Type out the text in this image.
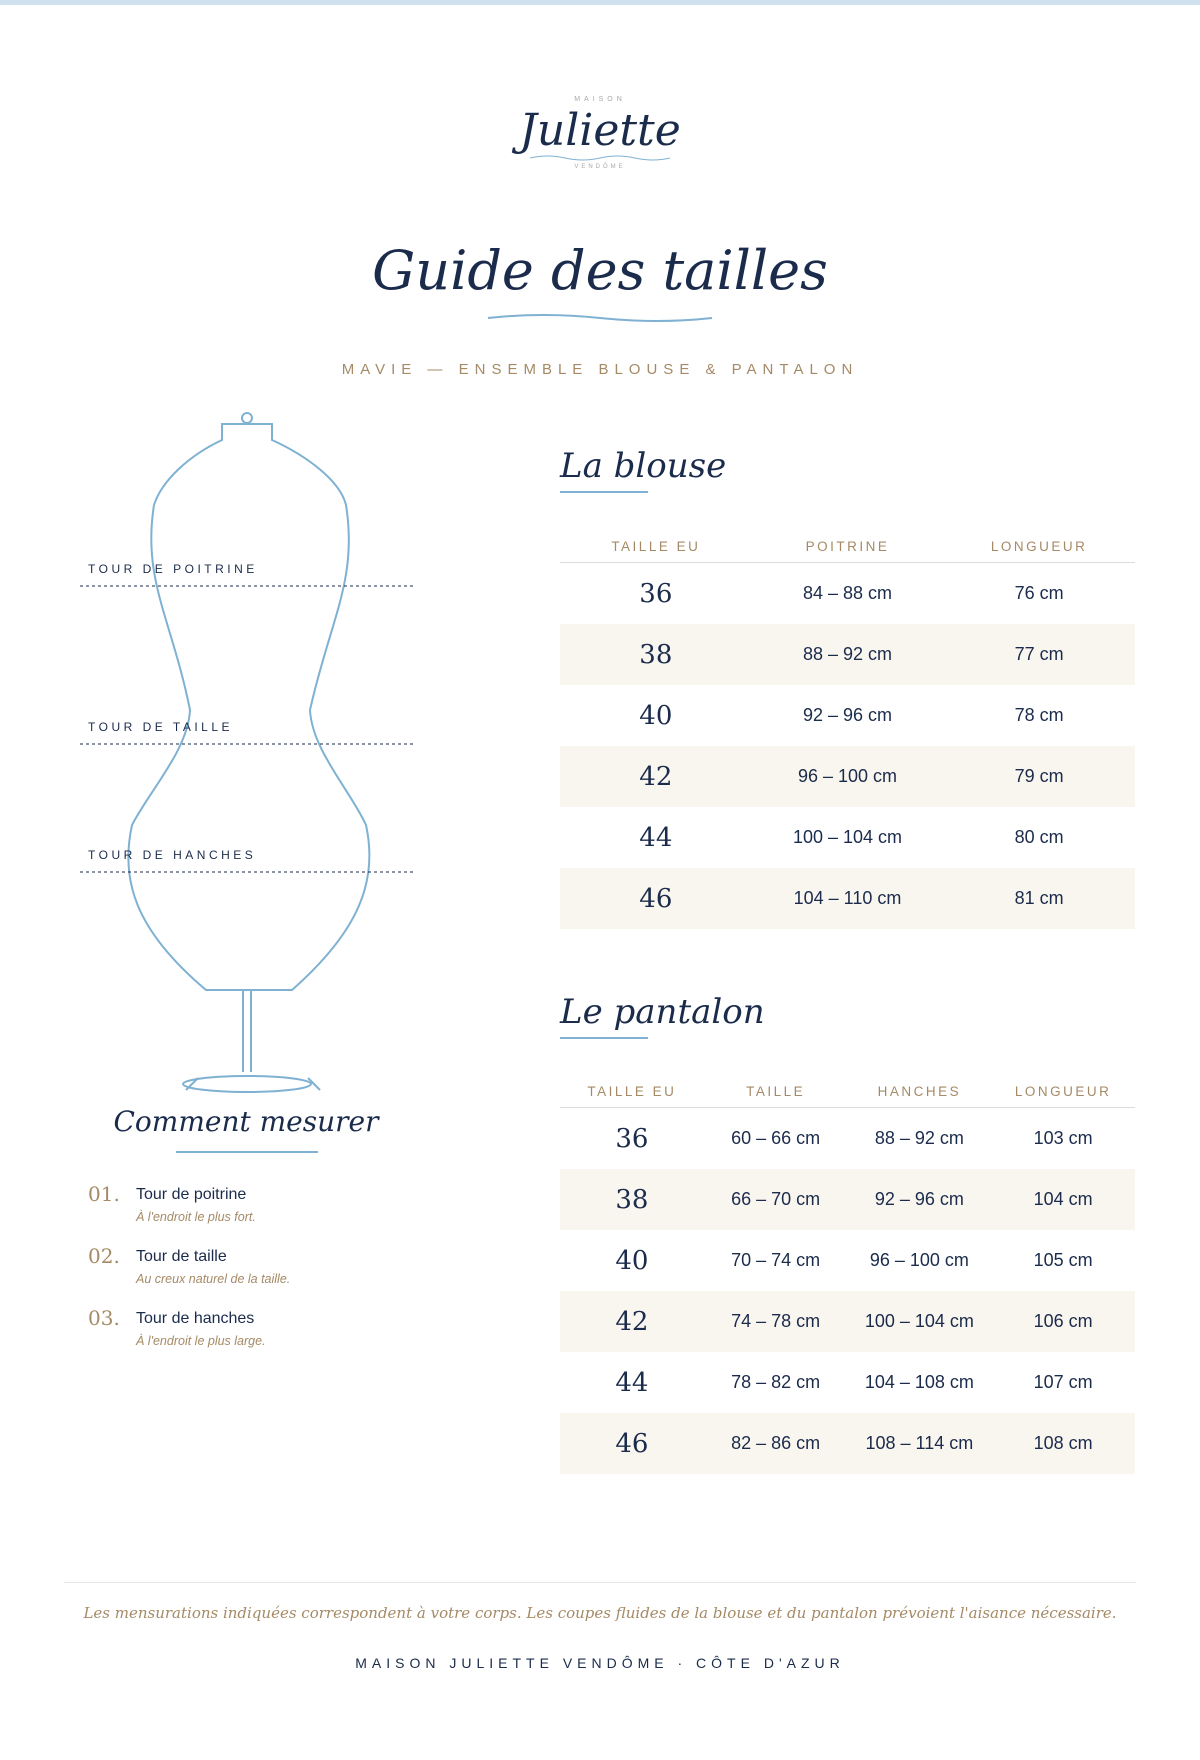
MAISON
Juliette
VENDÔME
Guide des tailles
MAVIE — ENSEMBLE BLOUSE & PANTALON
TOUR DE POITRINE
TOUR DE TAILLE
TOUR DE HANCHES
Comment mesurer
01. Tour de poitrine
À l'endroit le plus fort.
02. Tour de taille
Au creux naturel de la taille.
03. Tour de hanches
À l'endroit le plus large.
La blouse
TAILLE EU	POITRINE	LONGUEUR
36	84 – 88 cm	76 cm
38	88 – 92 cm	77 cm
40	92 – 96 cm	78 cm
42	96 – 100 cm	79 cm
44	100 – 104 cm	80 cm
46	104 – 110 cm	81 cm
Le pantalon
TAILLE EU	TAILLE	HANCHES	LONGUEUR
36	60 – 66 cm	88 – 92 cm	103 cm
38	66 – 70 cm	92 – 96 cm	104 cm
40	70 – 74 cm	96 – 100 cm	105 cm
42	74 – 78 cm	100 – 104 cm	106 cm
44	78 – 82 cm	104 – 108 cm	107 cm
46	82 – 86 cm	108 – 114 cm	108 cm
Les mensurations indiquées correspondent à votre corps. Les coupes fluides de la blouse et du pantalon prévoient l'aisance nécessaire.
MAISON JULIETTE VENDÔME · CÔTE D'AZUR
